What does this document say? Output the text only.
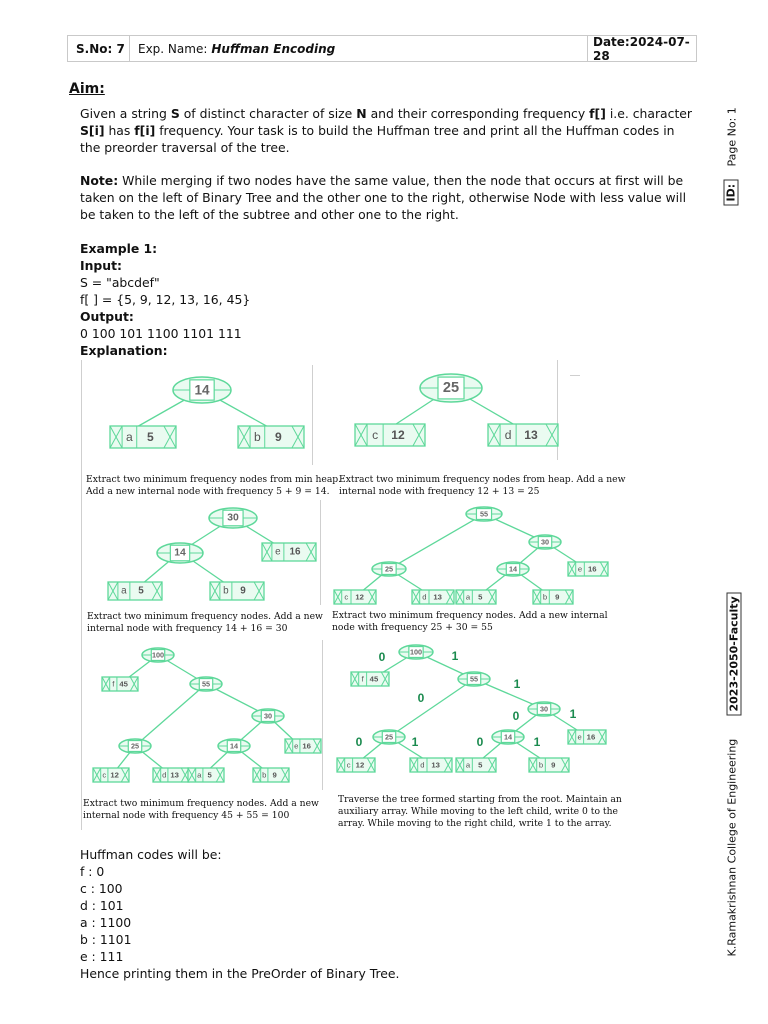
S.No: 7	Exp. Name: Huffman Encoding	Date:2024-07-28
Aim:

Given a string S of distinct character of size N and their corresponding frequency f[] i.e. character S[i] has f[i] frequency. Your task is to build the Huffman tree and print all the Huffman codes in the preorder traversal of the tree.

Note: While merging if two nodes have the same value, then the node that occurs at first will be taken on the left of Binary Tree and the other one to the right, otherwise Node with less value will be taken to the left of the subtree and other one to the right.

Example 1:
Input:
S = "abcdef"
f[ ] = {5, 9, 12, 13, 16, 45}
Output:
0 100 101 1100 1101 111
Explanation:
14
a 5	b 9
25
c 12	d 13
30
14	e 16
a 5	b 9
55
30
25	14	e 16
c 12	d 13	a 5	b 9
100
55
30
25	14
f 45
e 16
c 12	d 13 a 5	b 9
100
55
30
25	14
f 45
e 16
c 12	d 13	a 5	b 9
0	1
0
1
0	1
0	1	0	1
Extract two minimum frequency nodes from min heap.
Add a new internal node with frequency 5 + 9 = 14.
Extract two minimum frequency nodes from heap. Add a new
internal node with frequency 12 + 13 = 25
Extract two minimum frequency nodes. Add a new
internal node with frequency 14 + 16 = 30
Extract two minimum frequency nodes. Add a new internal
node with frequency 25 + 30 = 55
Extract two minimum frequency nodes. Add a new
internal node with frequency 45 + 55 = 100
Traverse the tree formed starting from the root. Maintain an
auxiliary array. While moving to the left child, write 0 to the
array. While moving to the right child, write 1 to the array.
Huffman codes will be:
f : 0
c : 100
d : 101
a : 1100
b : 1101
e : 111
Hence printing them in the PreOrder of Binary Tree.
Page No: 1
ID:
2023-2050-Faculty
K.Ramakrishnan College of Engineering
